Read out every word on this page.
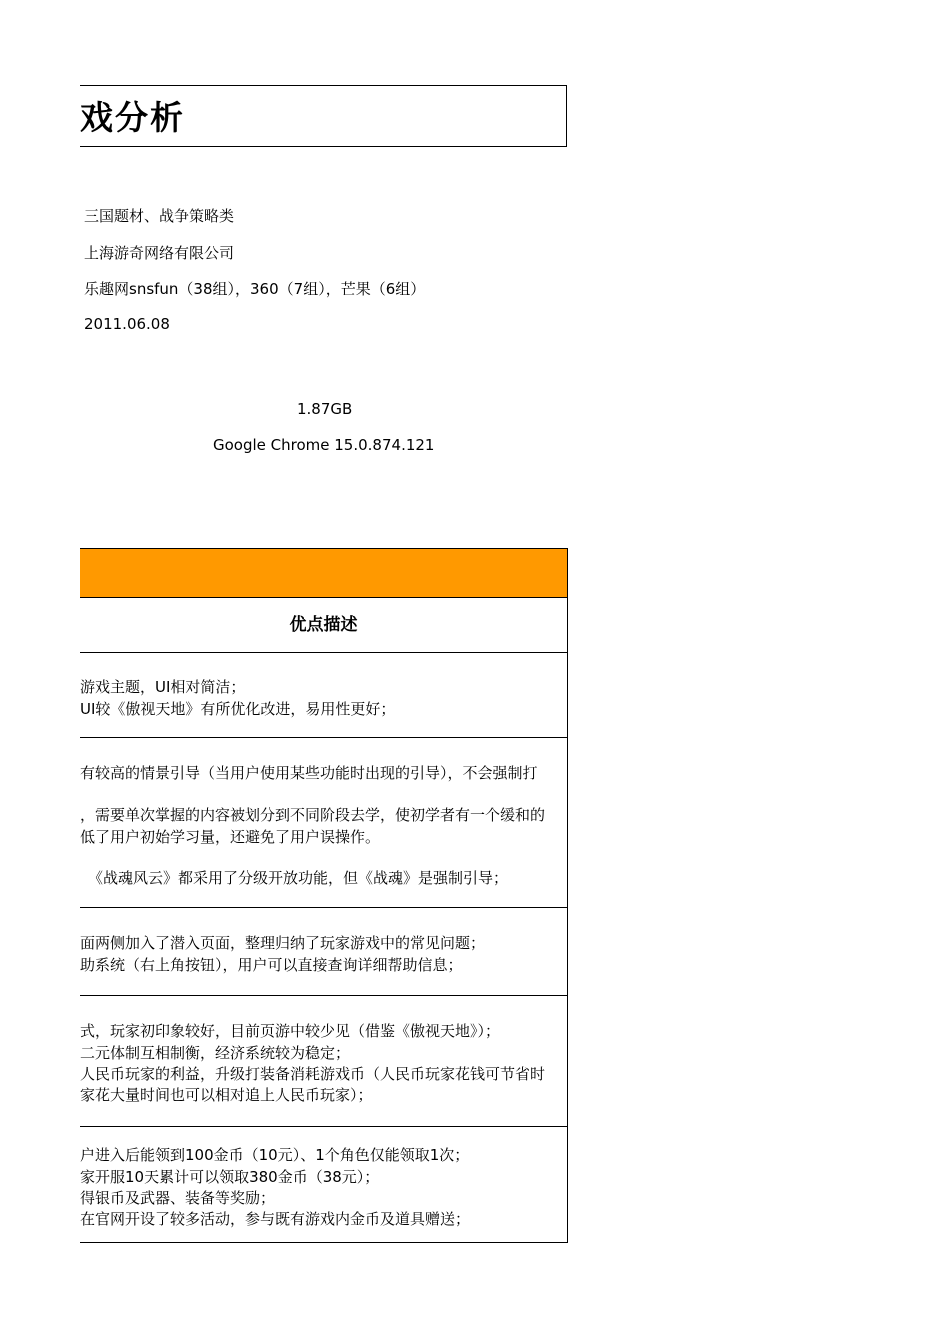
戏分析
三国题材、战争策略类
上海游奇网络有限公司
乐趣网snsfun（38组），360（7组），芒果（6组）
2011.06.08
1.87GB
Google Chrome 15.0.874.121
优点描述
游戏主题，UI相对简洁；
UI较《傲视天地》有所优化改进，易用性更好；
有较高的情景引导（当用户使用某些功能时出现的引导），不会强制打
，需要单次掌握的内容被划分到不同阶段去学，使初学者有一个缓和的
低了用户初始学习量，还避免了用户误操作。
《战魂风云》都采用了分级开放功能，但《战魂》是强制引导；
面两侧加入了潜入页面，整理归纳了玩家游戏中的常见问题；
助系统（右上角按钮），用户可以直接查询详细帮助信息；
式，玩家初印象较好，目前页游中较少见（借鉴《傲视天地》）；
二元体制互相制衡，经济系统较为稳定；
人民币玩家的利益，升级打装备消耗游戏币（人民币玩家花钱可节省时
家花大量时间也可以相对追上人民币玩家）；
户进入后能领到100金币（10元）、1个角色仅能领取1次；
家开服10天累计可以领取380金币（38元）；
得银币及武器、装备等奖励；
在官网开设了较多活动，参与既有游戏内金币及道具赠送；
